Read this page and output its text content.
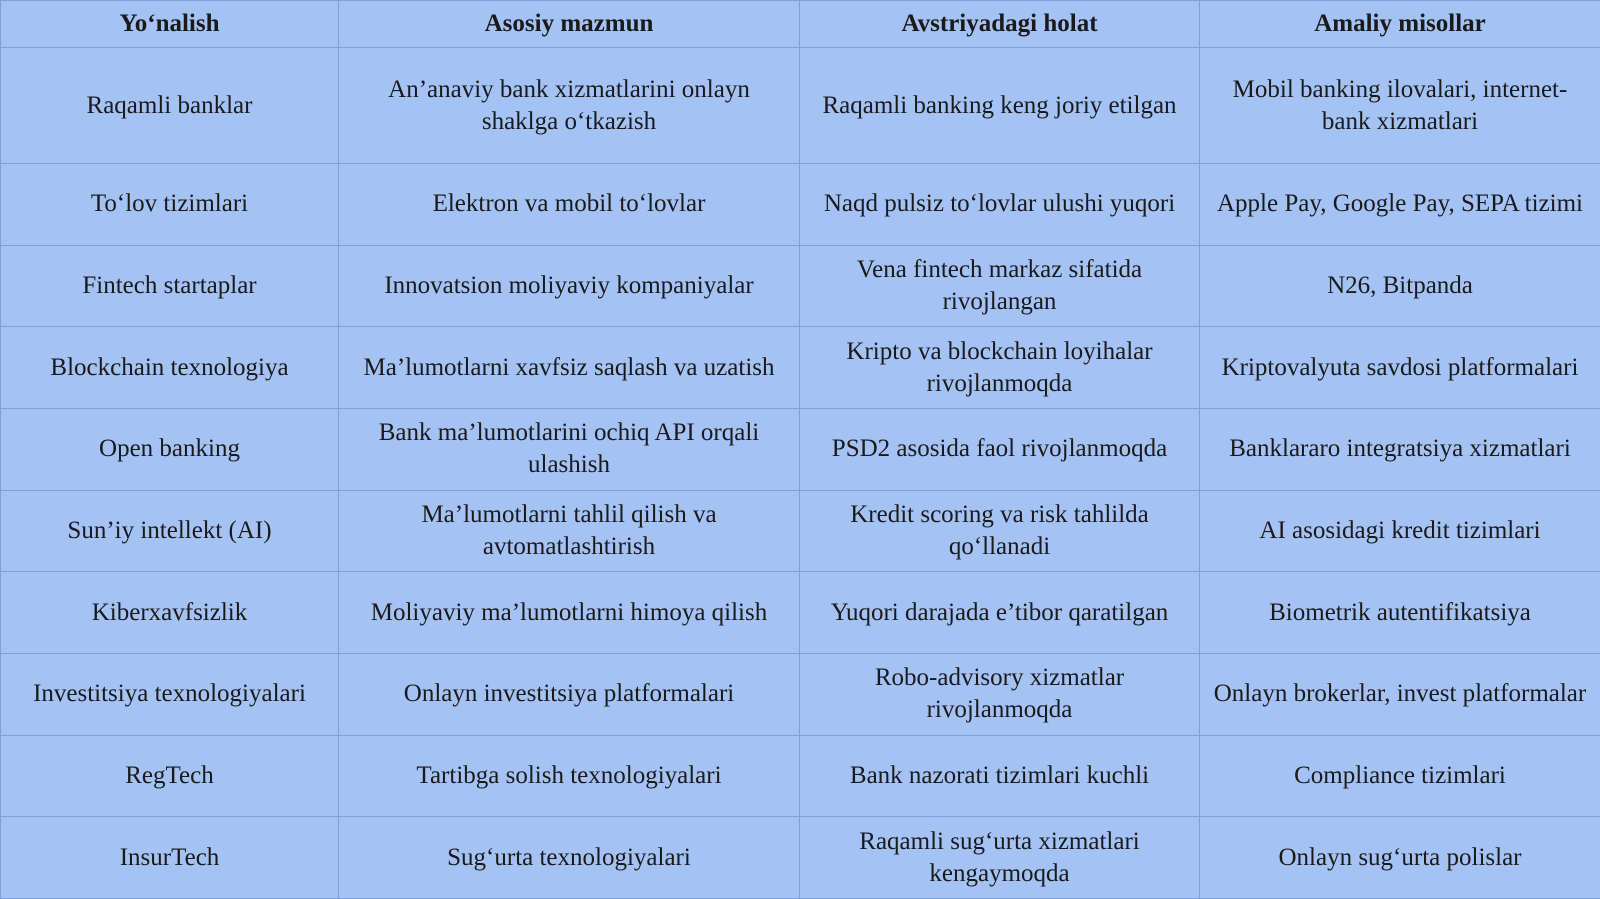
Yo‘nalish	Asosiy mazmun	Avstriyadagi holat	Amaliy misollar
Raqamli banklar	An’anaviy bank xizmatlarini onlayn shaklga o‘tkazish	Raqamli banking keng joriy etilgan	Mobil banking ilovalari, internet-bank xizmatlari
To‘lov tizimlari	Elektron va mobil to‘lovlar	Naqd pulsiz to‘lovlar ulushi yuqori	Apple Pay, Google Pay, SEPA tizimi
Fintech startaplar	Innovatsion moliyaviy kompaniyalar	Vena fintech markaz sifatida rivojlangan	N26, Bitpanda
Blockchain texnologiya	Ma’lumotlarni xavfsiz saqlash va uzatish	Kripto va blockchain loyihalar rivojlanmoqda	Kriptovalyuta savdosi platformalari
Open banking	Bank ma’lumotlarini ochiq API orqali ulashish	PSD2 asosida faol rivojlanmoqda	Banklararo integratsiya xizmatlari
Sun’iy intellekt (AI)	Ma’lumotlarni tahlil qilish va avtomatlashtirish	Kredit scoring va risk tahlilda qo‘llanadi	AI asosidagi kredit tizimlari
Kiberxavfsizlik	Moliyaviy ma’lumotlarni himoya qilish	Yuqori darajada e’tibor qaratilgan	Biometrik autentifikatsiya
Investitsiya texnologiyalari	Onlayn investitsiya platformalari	Robo-advisory xizmatlar rivojlanmoqda	Onlayn brokerlar, invest platformalar
RegTech	Tartibga solish texnologiyalari	Bank nazorati tizimlari kuchli	Compliance tizimlari
InsurTech	Sug‘urta texnologiyalari	Raqamli sug‘urta xizmatlari kengaymoqda	Onlayn sug‘urta polislar
